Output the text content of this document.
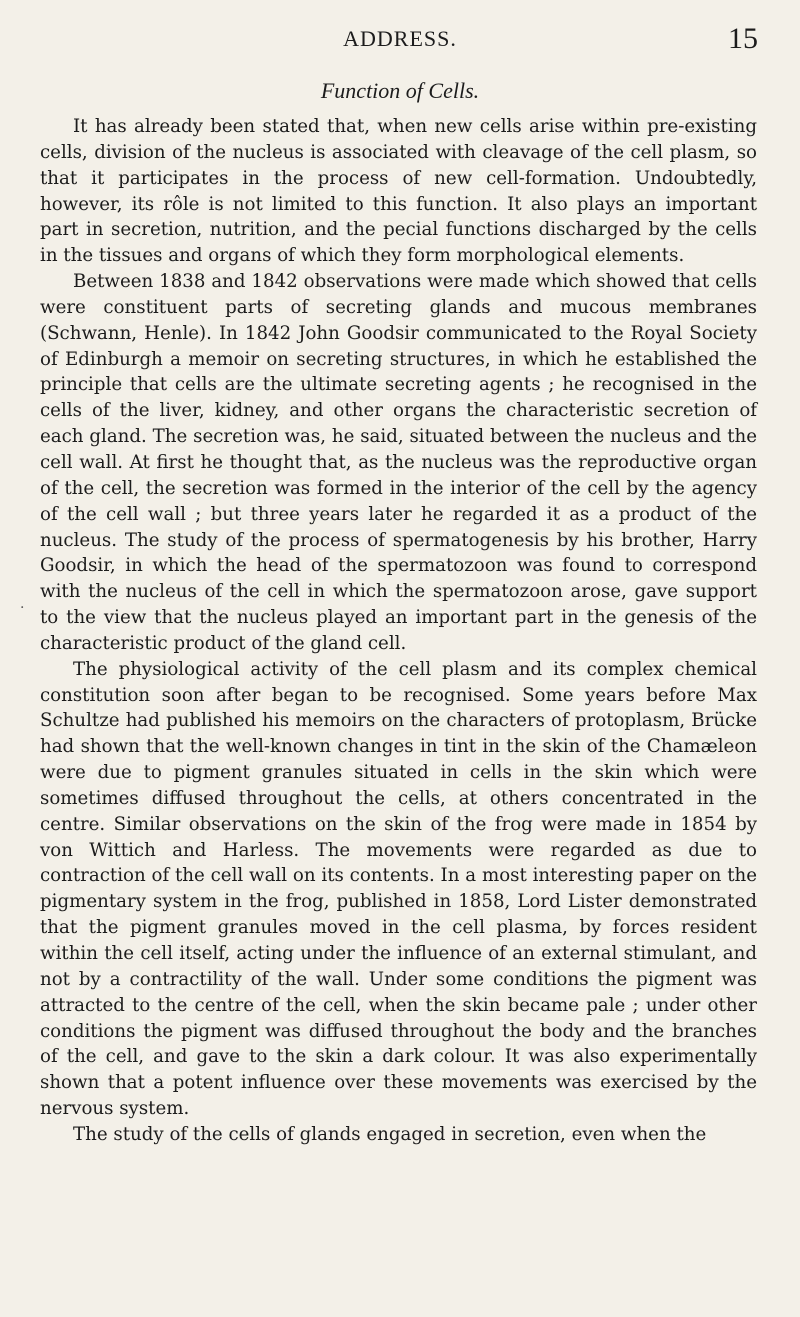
ADDRESS.	15
Function of Cells.

It has already been stated that, when new cells arise within pre-existing cells, division of the nucleus is associated with cleavage of the cell plasm, so that it participates in the process of new cell-formation. Undoubtedly, however, its rôle is not limited to this function. It also plays an important part in secretion, nutrition, and the pecial functions discharged by the cells in the tissues and organs of which they form morphological elements.

Between 1838 and 1842 observations were made which showed that cells were constituent parts of secreting glands and mucous membranes (Schwann, Henle). In 1842 John Goodsir communicated to the Royal Society of Edinburgh a memoir on secreting structures, in which he established the principle that cells are the ultimate secreting agents ; he recognised in the cells of the liver, kidney, and other organs the characteristic secretion of each gland. The secretion was, he said, situated between the nucleus and the cell wall. At first he thought that, as the nucleus was the reproductive organ of the cell, the secretion was formed in the interior of the cell by the agency of the cell wall ; but three years later he regarded it as a product of the nucleus. The study of the process of spermatogenesis by his brother, Harry Goodsir, in which the head of the spermatozoon was found to correspond with the nucleus of the cell in which the spermatozoon arose, gave support to the view that the nucleus played an important part in the genesis of the characteristic product of the gland cell.

The physiological activity of the cell plasm and its complex chemical constitution soon after began to be recognised. Some years before Max Schultze had published his memoirs on the characters of protoplasm, Brücke had shown that the well-known changes in tint in the skin of the Chamæleon were due to pigment granules situated in cells in the skin which were sometimes diffused throughout the cells, at others concentrated in the centre. Similar observations on the skin of the frog were made in 1854 by von Wittich and Harless. The movements were regarded as due to contraction of the cell wall on its contents. In a most interesting paper on the pigmentary system in the frog, published in 1858, Lord Lister demonstrated that the pigment granules moved in the cell plasma, by forces resident within the cell itself, acting under the influence of an external stimulant, and not by a contractility of the wall. Under some conditions the pigment was attracted to the centre of the cell, when the skin became pale ; under other conditions the pigment was diffused throughout the body and the branches of the cell, and gave to the skin a dark colour. It was also experimentally shown that a potent influence over these movements was exercised by the nervous system.

The study of the cells of glands engaged in secretion, even when the

·
